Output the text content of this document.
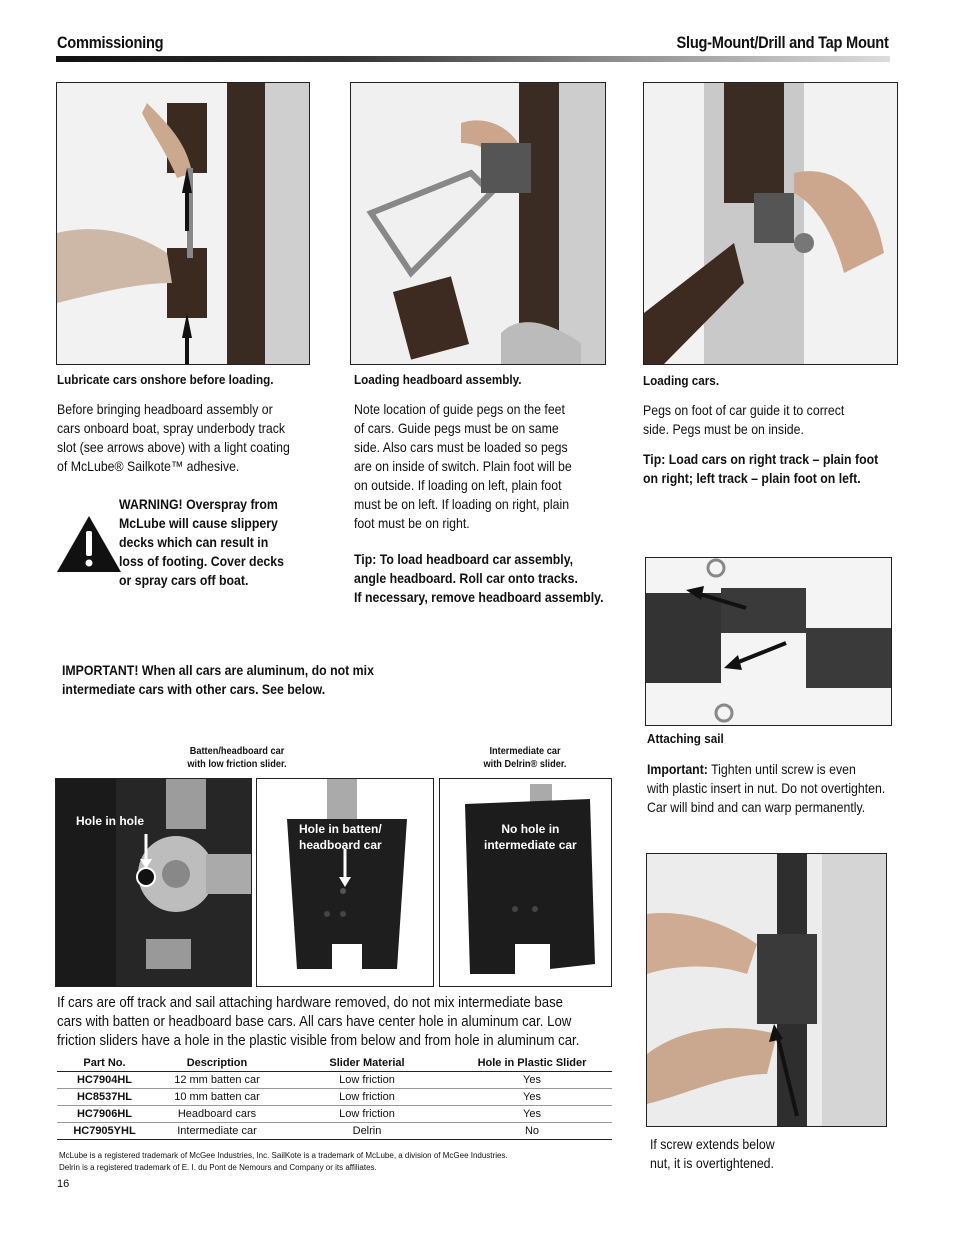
Commissioning	Slug-Mount/Drill and Tap Mount
Lubricate cars onshore before loading.
Before bringing headboard assembly or
cars onboard boat, spray underbody track
slot (see arrows above) with a light coating
of McLube® Sailkote™ adhesive.
WARNING! Overspray from
McLube will cause slippery
decks which can result in
loss of footing. Cover decks
or spray cars off boat.
Loading headboard assembly.
Note location of guide pegs on the feet
of cars. Guide pegs must be on same
side. Also cars must be loaded so pegs
are on inside of switch. Plain foot will be
on outside. If loading on left, plain foot
must be on left. If loading on right, plain
foot must be on right.
Tip: To load headboard car assembly,
angle headboard. Roll car onto tracks.
If necessary, remove headboard assembly.
Loading cars.
Pegs on foot of car guide it to correct
side. Pegs must be on inside.
Tip: Load cars on right track – plain foot
on right; left track – plain foot on left.
Attaching sail
Important: Tighten until screw is even
with plastic insert in nut. Do not overtighten.
Car will bind and can warp permanently.
If screw extends below
nut, it is overtightened.
IMPORTANT! When all cars are aluminum, do not mix
intermediate cars with other cars. See below.
Batten/headboard car
with low friction slider.
Intermediate car
with Delrin® slider.
Hole in hole
Hole in batten/
headboard car
No hole in
intermediate car
If cars are off track and sail attaching hardware removed, do not mix intermediate base
cars with batten or headboard base cars. All cars have center hole in aluminum car. Low
friction sliders have a hole in the plastic visible from below and from hole in aluminum car.
Part No.	Description	Slider Material	Hole in Plastic Slider
HC7904HL	12 mm batten car	Low friction	Yes
HC8537HL	10 mm batten car	Low friction	Yes
HC7906HL	Headboard cars	Low friction	Yes
HC7905YHL	Intermediate car	Delrin	No
McLube is a registered trademark of McGee Industries, Inc. SailKote is a trademark of McLube, a division of McGee Industries.
Delrin is a registered trademark of E. I. du Pont de Nemours and Company or its affiliates.
16
